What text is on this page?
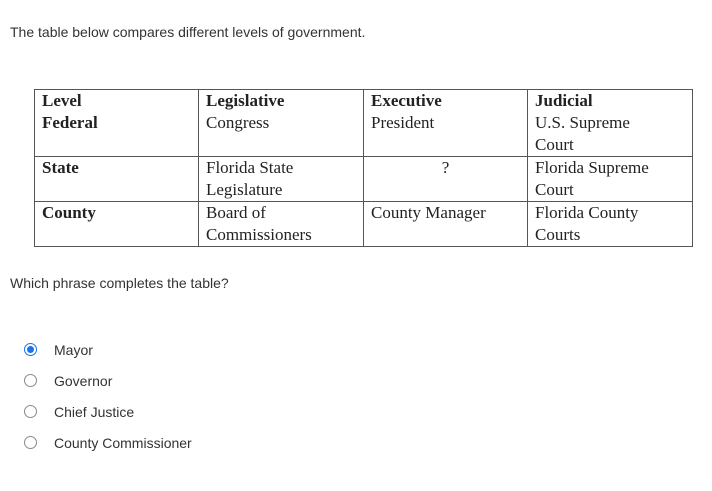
The table below compares different levels of government.

Level	Legislative	Executive	Judicial
Federal	Congress	President	U.S. Supreme
			Court
State	Florida State	?	Florida Supreme
	Legislature		Court
County	Board of	County Manager	Florida County
	Commissioners		Courts

Which phrase completes the table?

Mayor
Governor
Chief Justice
County Commissioner
